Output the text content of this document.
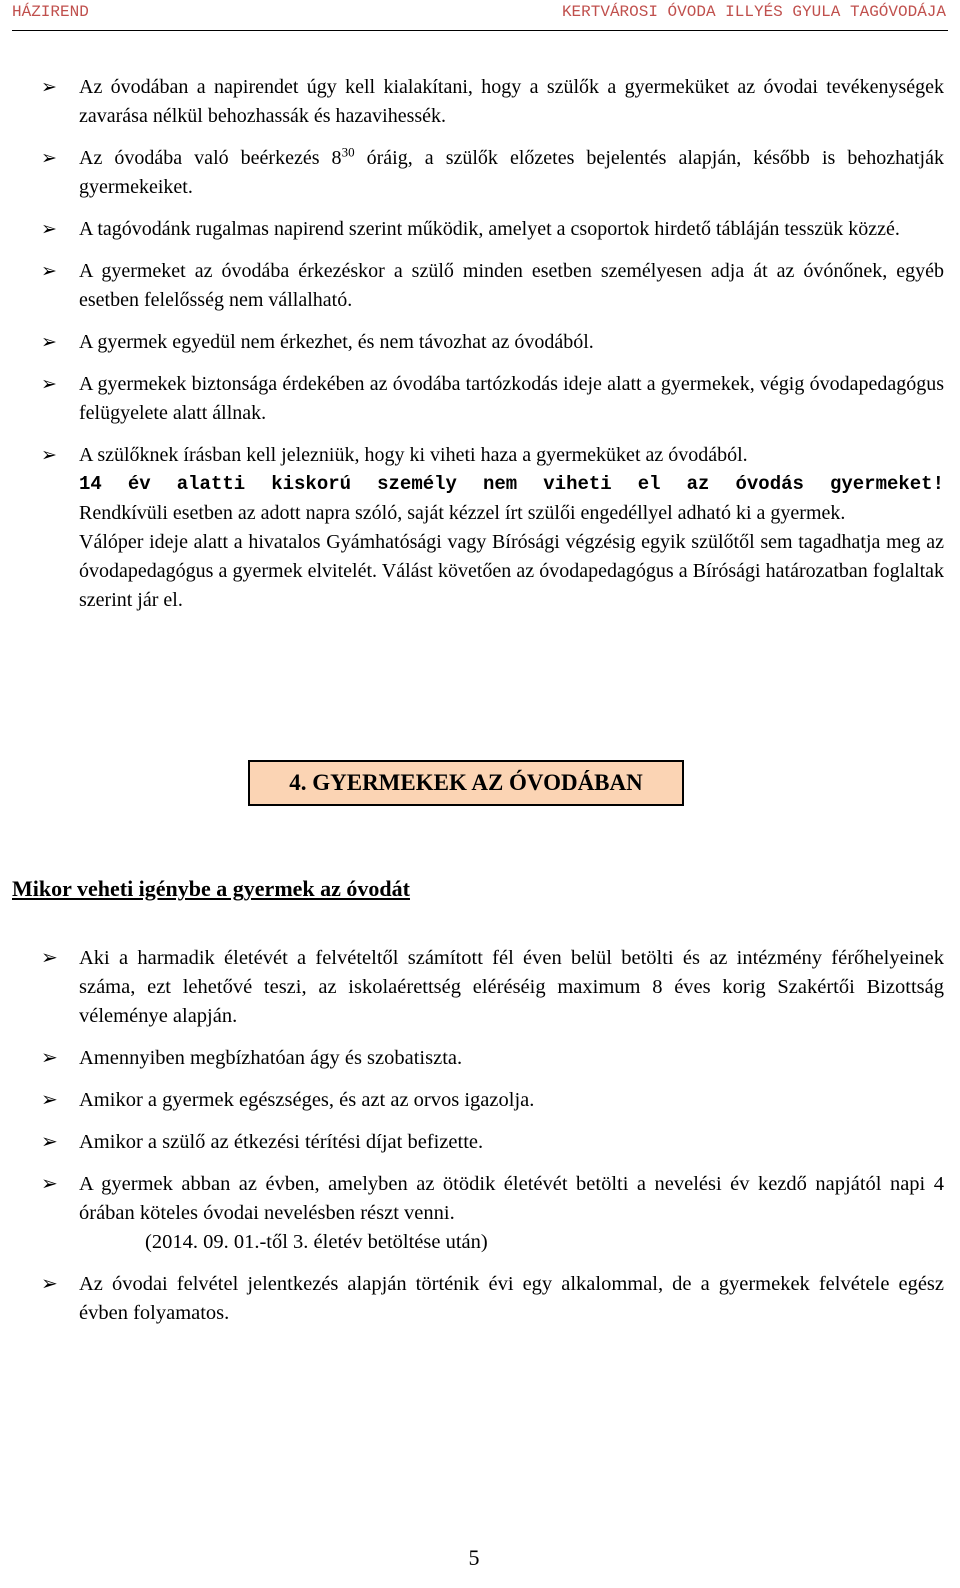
HÁZIREND	KERTVÁROSI ÓVODA ILLYÉS GYULA TAGÓVODÁJA
➢ Az óvodában a napirendet úgy kell kialakítani, hogy a szülők a gyermeküket az óvodai tevékenységek zavarása nélkül behozhassák és hazavihessék.
➢ Az óvodába való beérkezés $8^{30}$ óráig, a szülők előzetes bejelentés alapján, később is behozhatják gyermekeiket.
➢ A tagóvodánk rugalmas napirend szerint működik, amelyet a csoportok hirdető tábláján tesszük közzé.
➢ A gyermeket az óvodába érkezéskor a szülő minden esetben személyesen adja át az óvónőnek, egyéb esetben felelősség nem vállalható.
➢ A gyermek egyedül nem érkezhet, és nem távozhat az óvodából.
➢ A gyermekek biztonsága érdekében az óvodába tartózkodás ideje alatt a gyermekek, végig óvodapedagógus felügyelete alatt állnak.
➢ A szülőknek írásban kell jelezniük, hogy ki viheti haza a gyermeküket az óvodából.
14 év alatti kiskorú személy nem viheti el az óvodás gyermeket!
Rendkívüli esetben az adott napra szóló, saját kézzel írt szülői engedéllyel adható ki a gyermek.
Válóper ideje alatt a hivatalos Gyámhatósági vagy Bírósági végzésig egyik szülőtől sem tagadhatja meg az óvodapedagógus a gyermek elvitelét. Válást követően az óvodapedagógus a Bírósági határozatban foglaltak szerint jár el.
4. GYERMEKEK AZ ÓVODÁBAN
Mikor veheti igénybe a gyermek az óvodát
➢ Aki a harmadik életévét a felvételtől számított fél éven belül betölti és az intézmény férőhelyeinek száma, ezt lehetővé teszi, az iskolaérettség eléréséig maximum 8 éves korig Szakértői Bizottság véleménye alapján.
➢ Amennyiben megbízhatóan ágy és szobatiszta.
➢ Amikor a gyermek egészséges, és azt az orvos igazolja.
➢ Amikor a szülő az étkezési térítési díjat befizette.
➢ A gyermek abban az évben, amelyben az ötödik életévét betölti a nevelési év kezdő napjától napi 4 órában köteles óvodai nevelésben részt venni.
(2014. 09. 01.-től 3. életév betöltése után)
➢ Az óvodai felvétel jelentkezés alapján történik évi egy alkalommal, de a gyermekek felvétele egész évben folyamatos.
5
